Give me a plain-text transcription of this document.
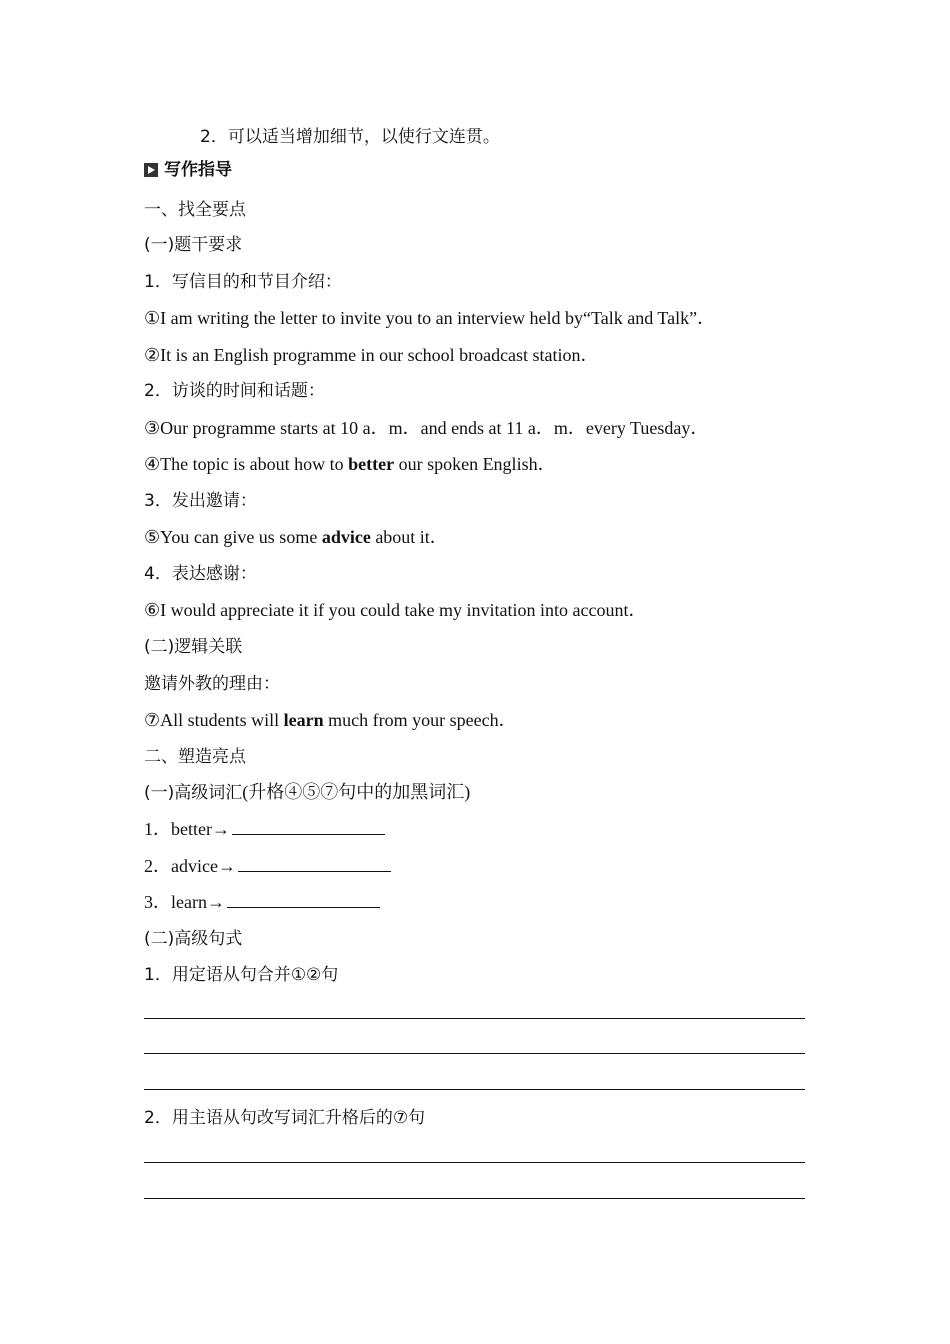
2．可以适当增加细节，以使行文连贯。
写作指导
一、找全要点
(一)题干要求
1．写信目的和节目介绍：
①I am writing the letter to invite you to an interview held by“Talk and Talk”．
②It is an English programme in our school broadcast station．
2．访谈的时间和话题：
③Our programme starts at 10 a．m．and ends at 11 a．m．every Tuesday．
④The topic is about how to better our spoken English．
3．发出邀请：
⑤You can give us some advice about it．
4．表达感谢：
⑥I would appreciate it if you could take my invitation into account．
(二)逻辑关联
邀请外教的理由：
⑦All students will learn much from your speech．
二、塑造亮点
(一)高级词汇(升格④⑤⑦句中的加黑词汇)
1．better→
2．advice→
3．learn→
(二)高级句式
1．用定语从句合并①②句
2．用主语从句改写词汇升格后的⑦句
